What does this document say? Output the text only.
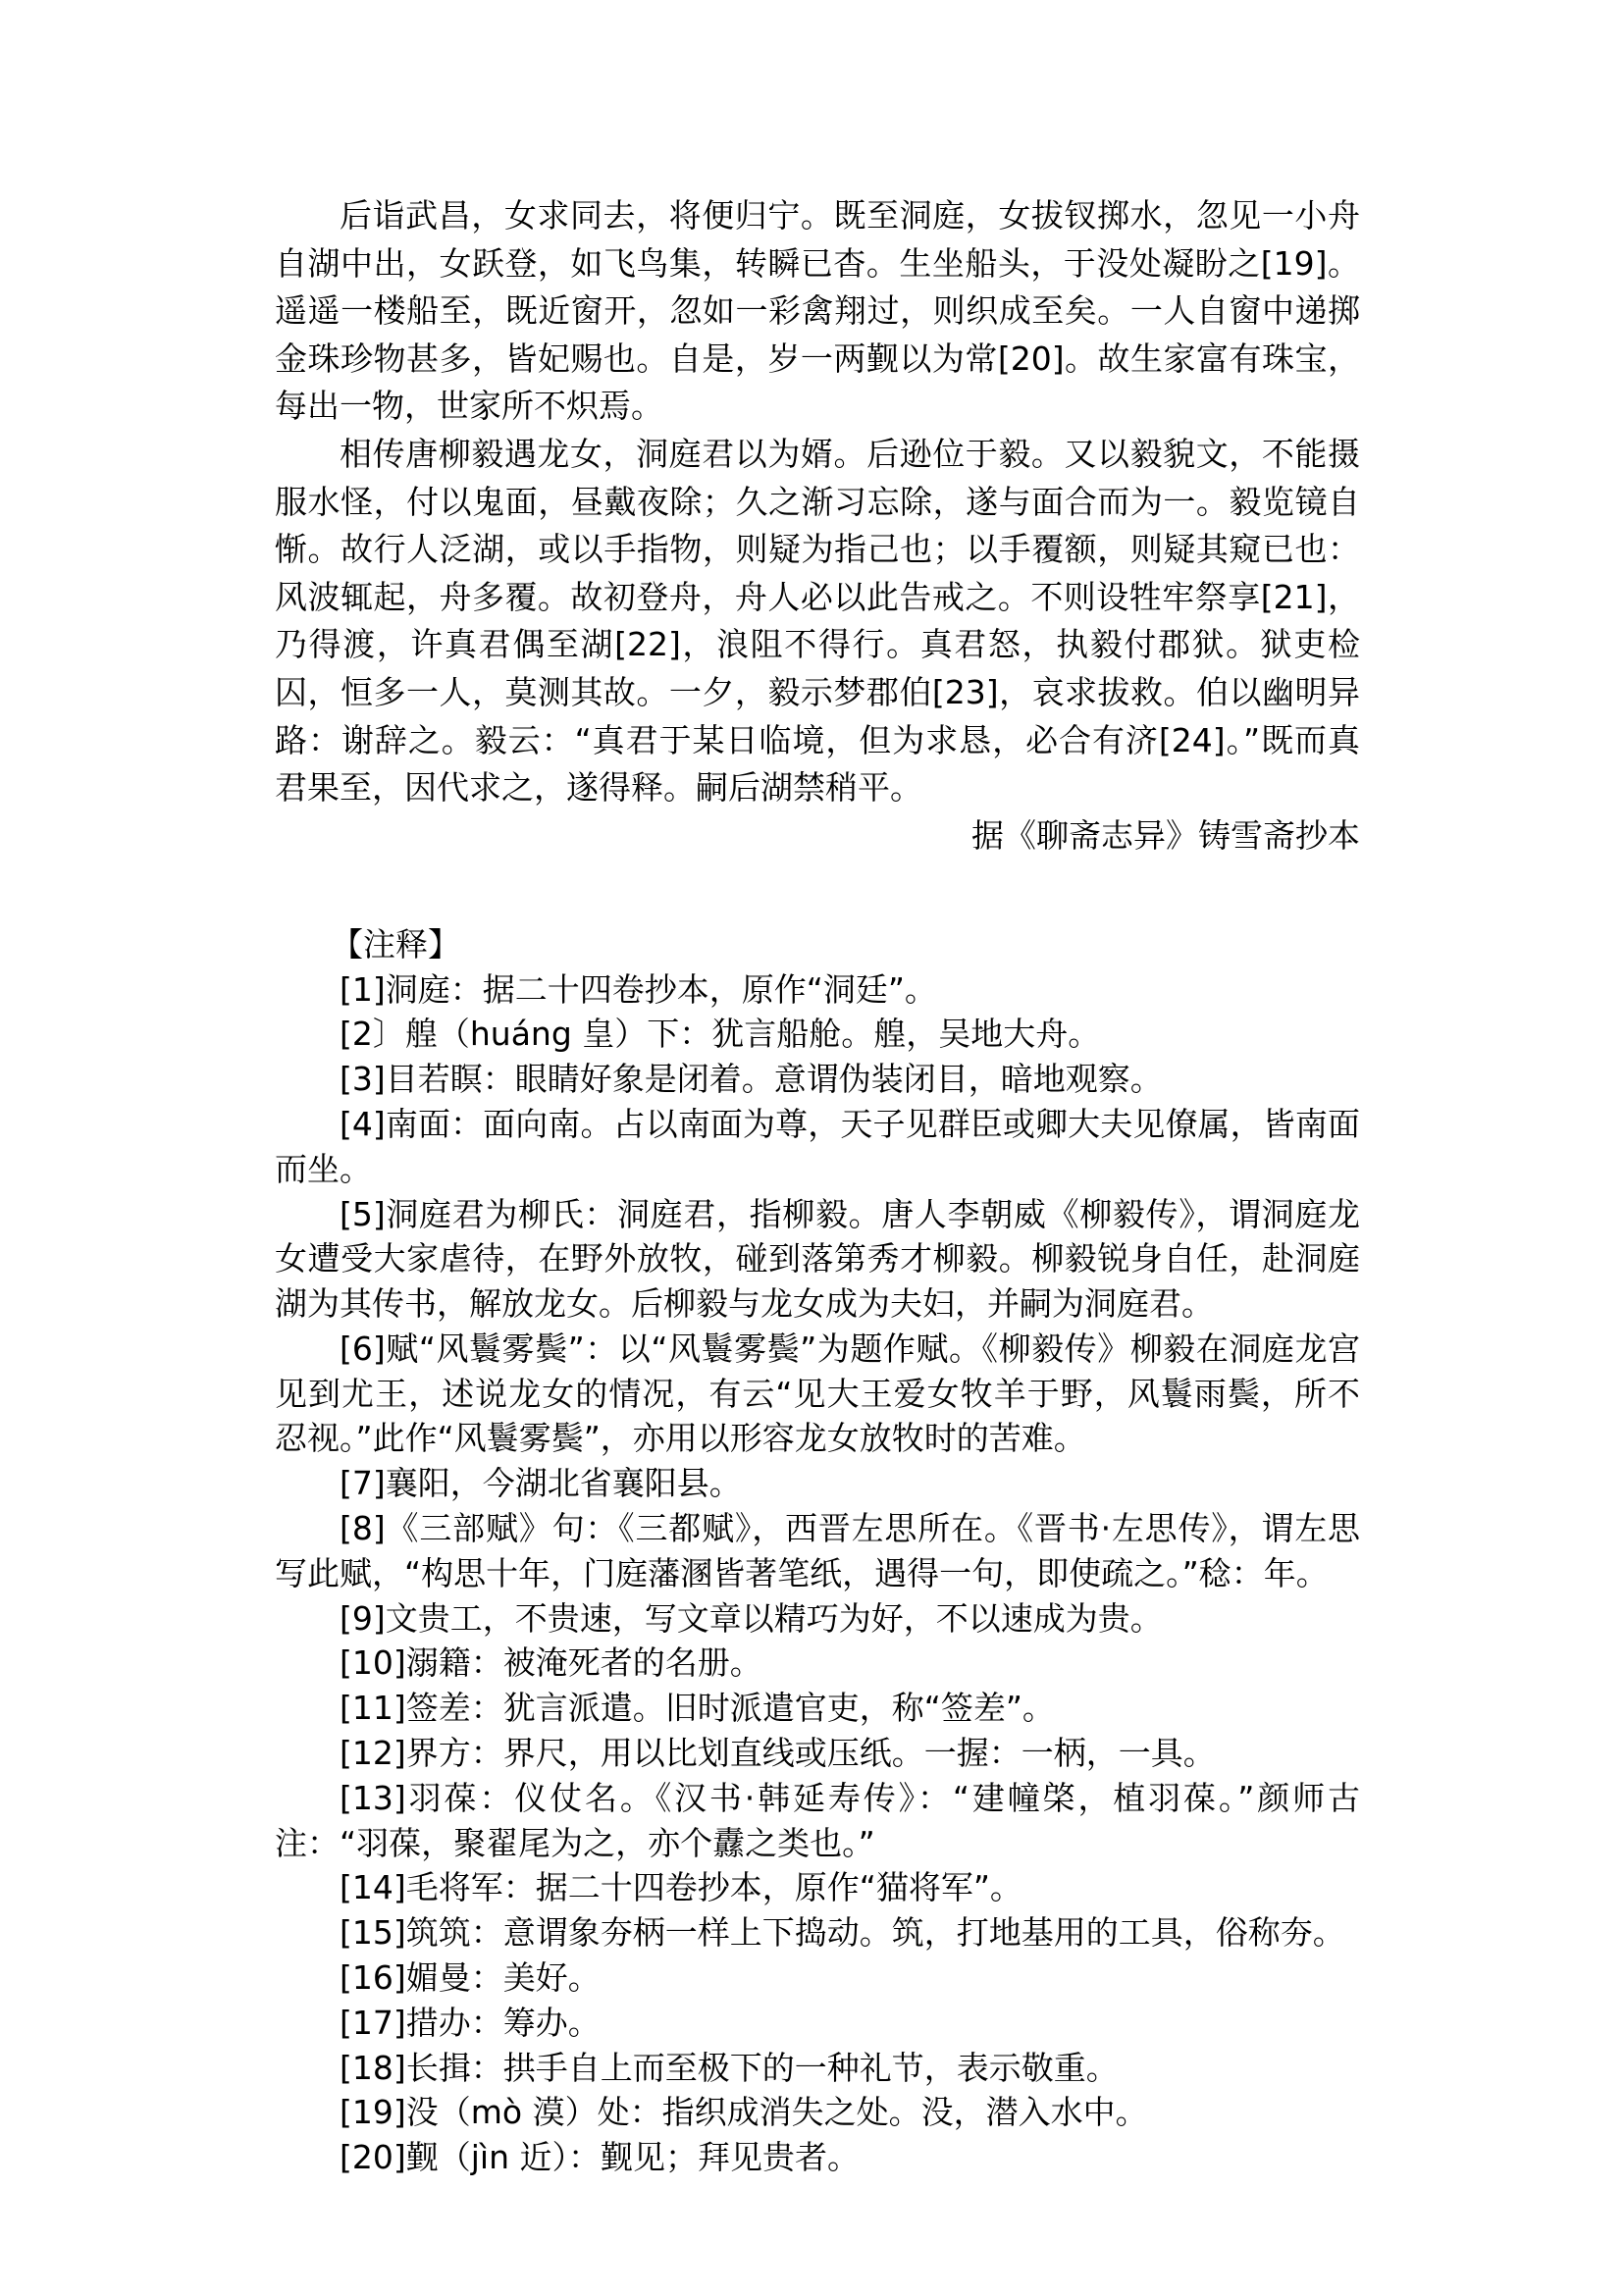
后诣武昌，女求同去，将便归宁。既至洞庭，女拔钗掷水，忽见一小舟自湖中出，女跃登，如飞鸟集，转瞬已杳。生坐船头，于没处凝盼之[19]。遥遥一楼船至，既近窗开，忽如一彩禽翔过，则织成至矣。一人自窗中递掷金珠珍物甚多，皆妃赐也。自是，岁一两觐以为常[20]。故生家富有珠宝，每出一物，世家所不炽焉。

相传唐柳毅遇龙女，洞庭君以为婿。后逊位于毅。又以毅貌文，不能摄服水怪，付以鬼面，昼戴夜除；久之渐习忘除，遂与面合而为一。毅览镜自惭。故行人泛湖，或以手指物，则疑为指己也；以手覆额，则疑其窥已也：风波辄起，舟多覆。故初登舟，舟人必以此告戒之。不则设牲牢祭享[21]，乃得渡，许真君偶至湖[22]，浪阻不得行。真君怒，执毅付郡狱。狱吏检囚，恒多一人，莫测其故。一夕，毅示梦郡伯[23]，哀求拔救。伯以幽明异路：谢辞之。毅云：“真君于某日临境，但为求恳，必合有济[24]。”既而真君果至，因代求之，遂得释。嗣后湖禁稍平。

据《聊斋志异》铸雪斋抄本

【注释】

[1]洞庭：据二十四卷抄本，原作“洞廷”。

[2〕艎（huáng 皇）下：犹言船舱。艎，吴地大舟。

[3]目若瞑：眼睛好象是闭着。意谓伪装闭目，暗地观察。

[4]南面：面向南。占以南面为尊，天子见群臣或卿大夫见僚属，皆南面而坐。

[5]洞庭君为柳氏：洞庭君，指柳毅。唐人李朝威《柳毅传》，谓洞庭龙女遭受大家虐待，在野外放牧，碰到落第秀才柳毅。柳毅锐身自任，赴洞庭湖为其传书，解放龙女。后柳毅与龙女成为夫妇，并嗣为洞庭君。

[6]赋“风鬟雾鬓”：以“风鬟雾鬓”为题作赋。《柳毅传》柳毅在洞庭龙宫见到尤王，述说龙女的情况，有云“见大王爱女牧羊于野，风鬟雨鬓，所不忍视。”此作“风鬟雾鬓”，亦用以形容龙女放牧时的苦难。

[7]襄阳，今湖北省襄阳县。

[8]《三部赋》句：《三都赋》，西晋左思所在。《晋书·左思传》，谓左思写此赋，“构思十年，门庭藩溷皆著笔纸，遇得一句，即使疏之。”稔：年。

[9]文贵工，不贵速，写文章以精巧为好，不以速成为贵。

[10]溺籍：被淹死者的名册。

[11]签差：犹言派遣。旧时派遣官吏，称“签差”。

[12]界方：界尺，用以比划直线或压纸。一握：一柄，一具。

[13]羽葆：仪仗名。《汉书·韩延寿传》：“建幢棨，植羽葆。”颜师古注：“羽葆，聚翟尾为之，亦个纛之类也。”

[14]毛将军：据二十四卷抄本，原作“猫将军”。

[15]筑筑：意谓象夯柄一样上下捣动。筑，打地基用的工具，俗称夯。

[16]媚曼：美好。

[17]措办：筹办。

[18]长揖：拱手自上而至极下的一种礼节，表示敬重。

[19]没（mò 漠）处：指织成消失之处。没，潜入水中。

[20]觐（jìn 近）：觐见；拜见贵者。
